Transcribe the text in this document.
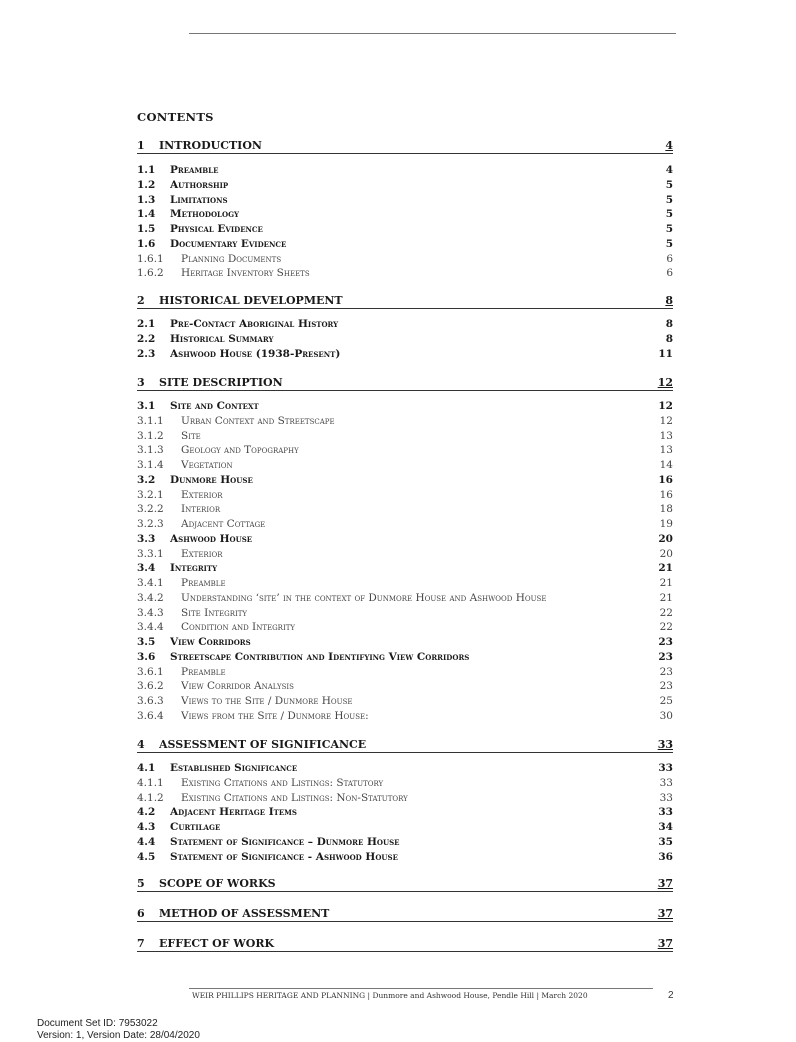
CONTENTS
1	INTRODUCTION	4
1.1	Preamble	4
1.2	Authorship	5
1.3	Limitations	5
1.4	Methodology	5
1.5	Physical Evidence	5
1.6	Documentary Evidence	5
1.6.1	Planning Documents	6
1.6.2	Heritage Inventory Sheets	6
2	HISTORICAL DEVELOPMENT	8
2.1	Pre-Contact Aboriginal History	8
2.2	Historical Summary	8
2.3	Ashwood House (1938-Present)	11
3	SITE DESCRIPTION	12
3.1	Site and Context	12
3.1.1	Urban Context and Streetscape	12
3.1.2	Site	13
3.1.3	Geology and Topography	13
3.1.4	Vegetation	14
3.2	Dunmore House	16
3.2.1	Exterior	16
3.2.2	Interior	18
3.2.3	Adjacent Cottage	19
3.3	Ashwood House	20
3.3.1	Exterior	20
3.4	Integrity	21
3.4.1	Preamble	21
3.4.2	Understanding ‘site’ in the context of Dunmore House and Ashwood House	21
3.4.3	Site Integrity	22
3.4.4	Condition and Integrity	22
3.5	View Corridors	23
3.6	Streetscape Contribution and Identifying View Corridors	23
3.6.1	Preamble	23
3.6.2	View Corridor Analysis	23
3.6.3	Views to the Site / Dunmore House	25
3.6.4	Views from the Site / Dunmore House:	30
4	ASSESSMENT OF SIGNIFICANCE	33
4.1	Established Significance	33
4.1.1	Existing Citations and Listings: Statutory	33
4.1.2	Existing Citations and Listings: Non-Statutory	33
4.2	Adjacent Heritage Items	33
4.3	Curtilage	34
4.4	Statement of Significance – Dunmore House	35
4.5	Statement of Significance - Ashwood House	36
5	SCOPE OF WORKS	37
6	METHOD OF ASSESSMENT	37
7	EFFECT OF WORK	37
WEIR PHILLIPS HERITAGE AND PLANNING | Dunmore and Ashwood House, Pendle Hill | March 2020	2
Document Set ID: 7953022
Version: 1, Version Date: 28/04/2020
